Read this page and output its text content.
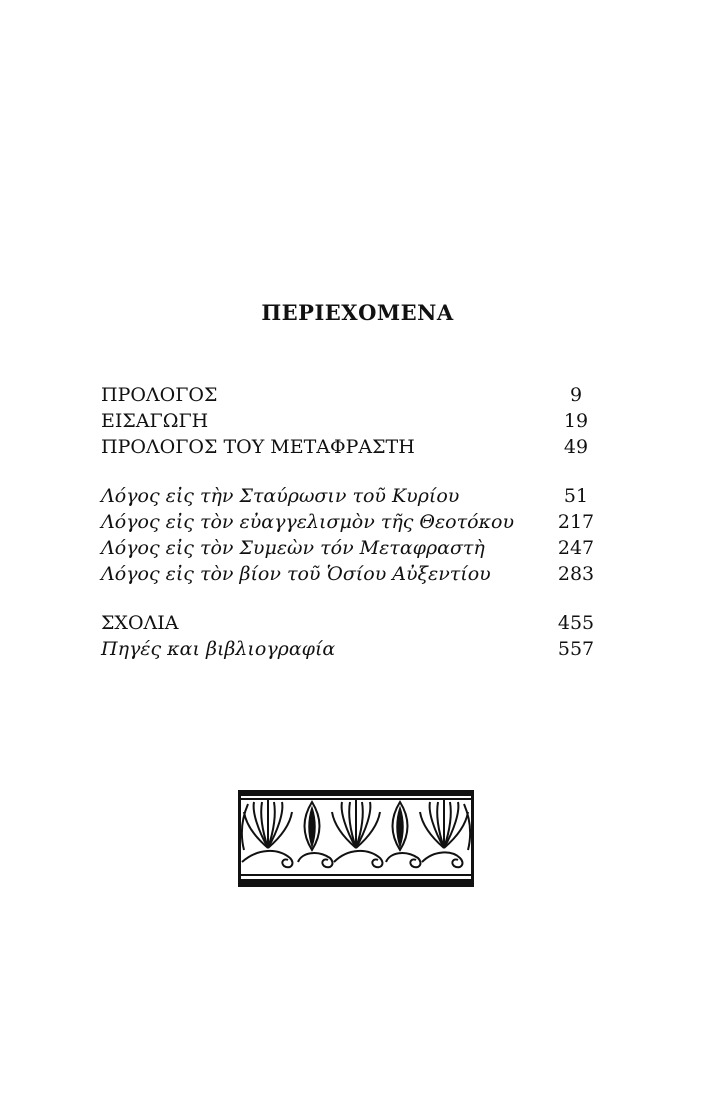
ΠΕΡΙΕΧΟΜΕΝΑ
ΠΡΟΛΟΓΟΣ	9
ΕΙΣΑΓΩΓΗ	19
ΠΡΟΛΟΓΟΣ ΤΟΥ ΜΕΤΑΦΡΑΣΤΗ	49
Λόγος εἰς τὴν Σταύρωσιν τοῦ Κυρίου	51
Λόγος εἰς τὸν εὐαγγελισμὸν τῆς Θεοτόκου	217
Λόγος εἰς τὸν Συμεὼν τόν Μεταφραστὴ	247
Λόγος εἰς τὸν βίον τοῦ Ὁσίου Αὐξεντίου	283
ΣΧΟΛΙΑ	455
Πηγές και βιβλιογραφία	557
